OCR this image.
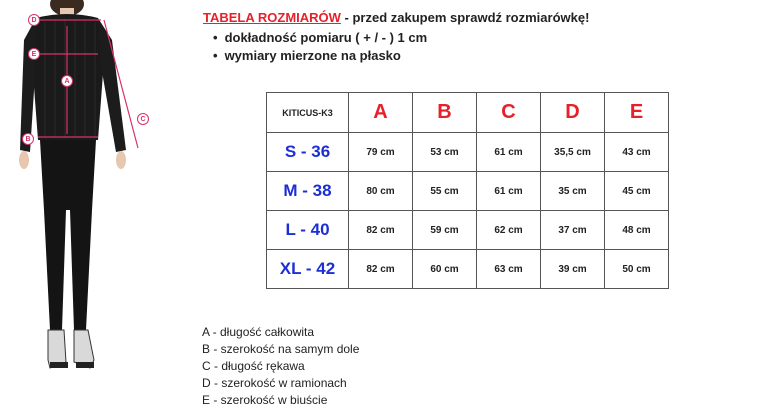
D
E
A
C
B

TABELA ROZMIARÓW - przed zakupem sprawdź rozmiarówkę!

• dokładność pomiaru ( + / - ) 1 cm
• wymiary mierzone na płasko
KITICUS-K3	A	B	C	D	E
S - 36	79 cm	53 cm	61 cm	35,5 cm	43 cm
M - 38	80 cm	55 cm	61 cm	35 cm	45 cm
L - 40	82 cm	59 cm	62 cm	37 cm	48 cm
XL - 42	82 cm	60 cm	63 cm	39 cm	50 cm
A - długość całkowita
B - szerokość na samym dole
C - długość rękawa
D - szerokość w ramionach
E - szerokość w biuście
